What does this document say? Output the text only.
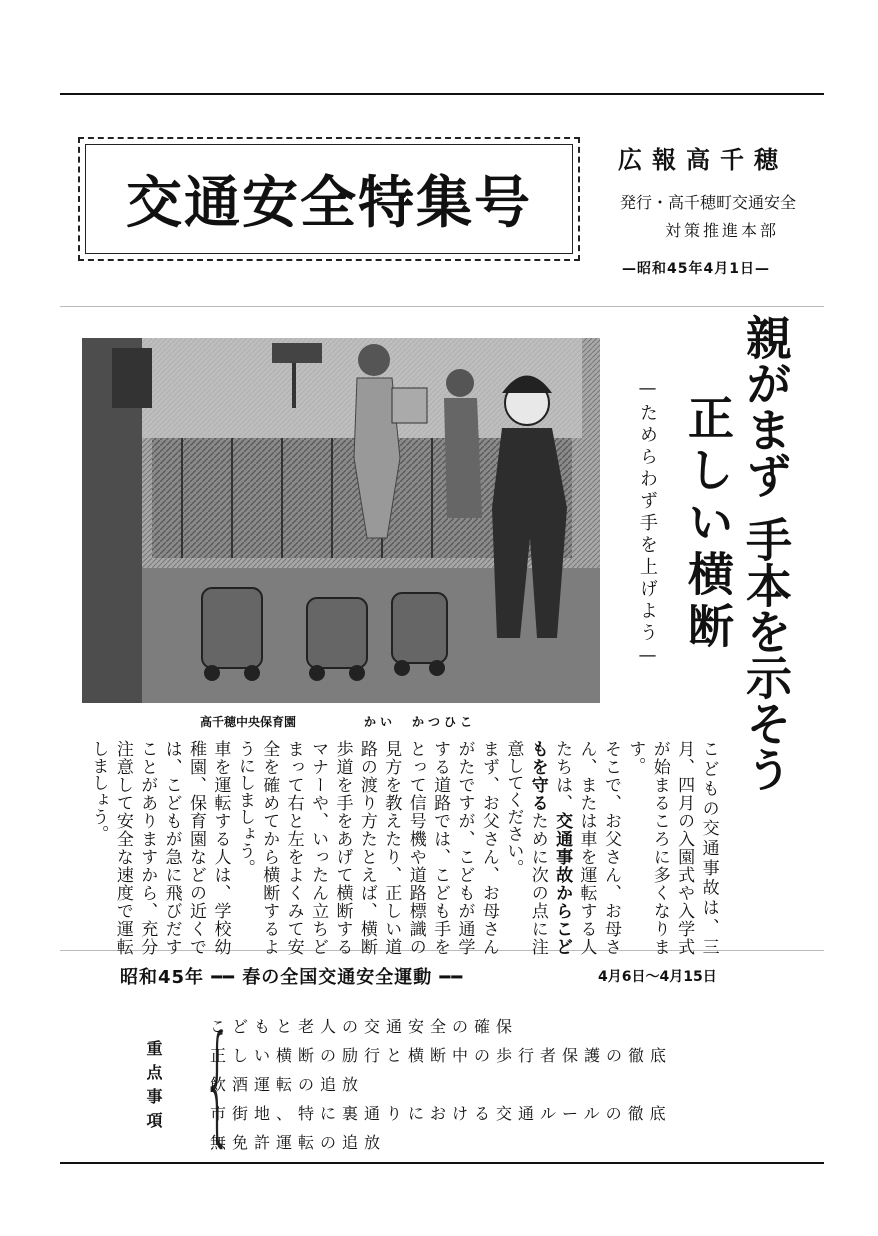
交通安全特集号
広報高千穂
発行・高千穂町交通安全
対策推進本部
—昭和45年4月1日—
高千穂中央保育園	かい　かつひこ
親がまず手本を示そう
正しい横断
—ためらわず手を上げよう—

こどもの交通事故は、三月、四月の入園式や入学式が始まるころに多くなります。

そこで、お父さん、お母さん、または車を運転する人たちは、交通事故からこどもを守るために次の点に注意してください。

まず、お父さん、お母さんがたですが、こどもが通学する道路では、こども手をとって信号機や道路標識の見方を教えたり、正しい道路の渡り方たとえば、横断歩道を手をあげて横断するマナーや、いったん立ちどまって右と左をよくみて安全を確めてから横断するようにしましょう。

車を運転する人は、学校幼稚園、保育園などの近くでは、こどもが急に飛びだすことがありますから、充分注意して安全な速度で運転しましょう。

昭和45年 ━━ 春の全国交通安全運動 ━━	4月6日～4月15日
重点事項 {
こどもと老人の交通安全の確保
正しい横断の励行と横断中の歩行者保護の徹底
飲酒運転の追放
市街地、特に裏通りにおける交通ルールの徹底
無免許運転の追放
